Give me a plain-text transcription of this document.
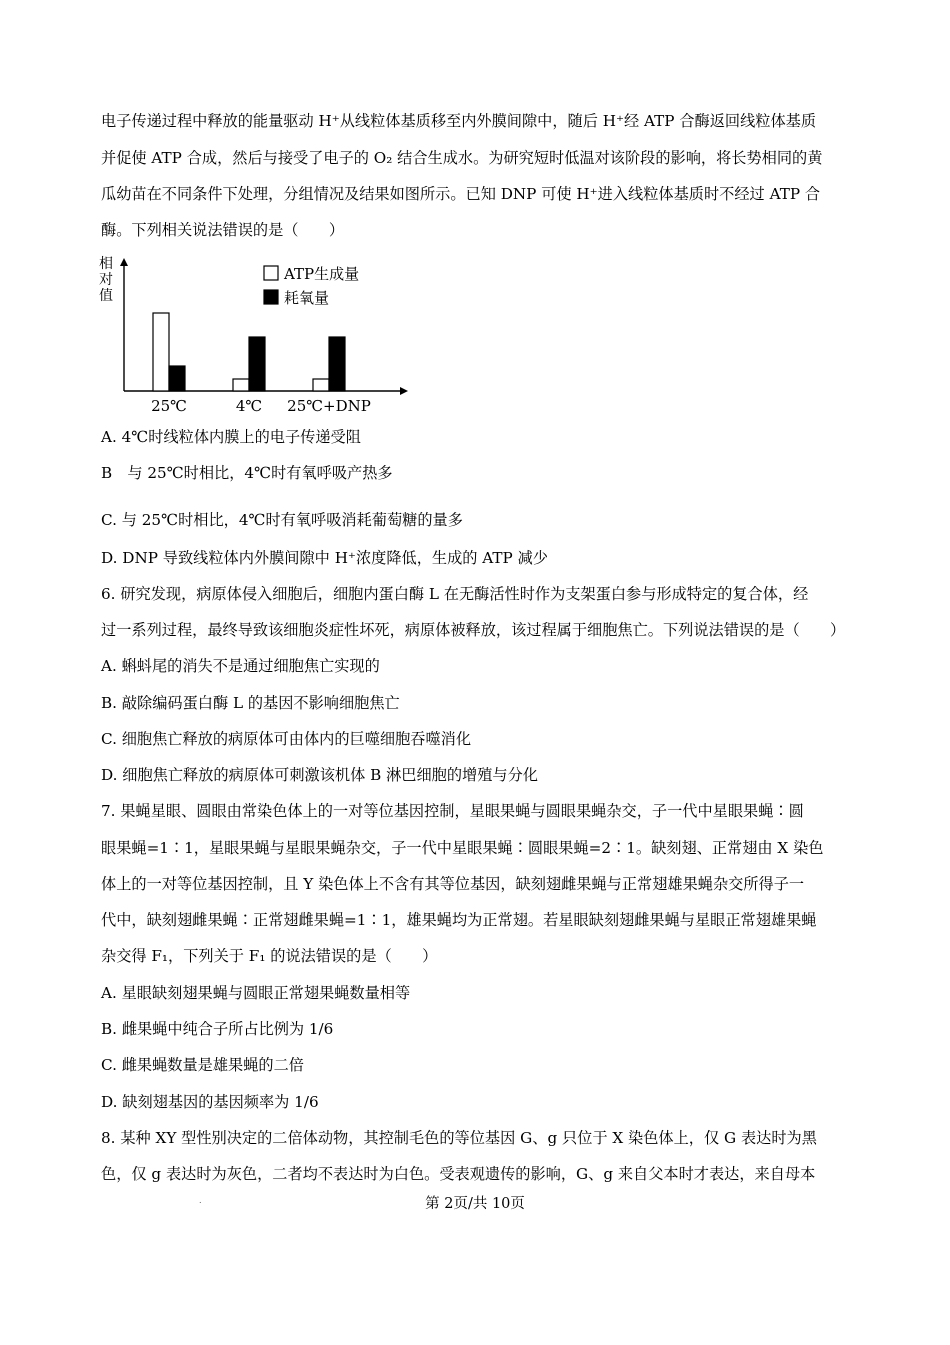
电子传递过程中释放的能量驱动 H⁺从线粒体基质移至内外膜间隙中，随后 H⁺经 ATP 合酶返回线粒体基质
并促使 ATP 合成，然后与接受了电子的 O₂ 结合生成水。为研究短时低温对该阶段的影响，将长势相同的黄
瓜幼苗在不同条件下处理，分组情况及结果如图所示。已知 DNP 可使 H⁺进入线粒体基质时不经过 ATP 合
酶。下列相关说法错误的是（　　）
相
对
值
25℃	4℃ 25℃+DNP
ATP生成量
耗氧量
A. 4℃时线粒体内膜上的电子传递受阻
B　与 25℃时相比，4℃时有氧呼吸产热多
C. 与 25℃时相比，4℃时有氧呼吸消耗葡萄糖的量多
D. DNP 导致线粒体内外膜间隙中 H⁺浓度降低，生成的 ATP 减少
6. 研究发现，病原体侵入细胞后，细胞内蛋白酶 L 在无酶活性时作为支架蛋白参与形成特定的复合体，经
过一系列过程，最终导致该细胞炎症性坏死，病原体被释放，该过程属于细胞焦亡。下列说法错误的是（　　）
A. 蝌蚪尾的消失不是通过细胞焦亡实现的
B. 敲除编码蛋白酶 L 的基因不影响细胞焦亡
C. 细胞焦亡释放的病原体可由体内的巨噬细胞吞噬消化
D. 细胞焦亡释放的病原体可刺激该机体 B 淋巴细胞的增殖与分化
7. 果蝇星眼、圆眼由常染色体上的一对等位基因控制，星眼果蝇与圆眼果蝇杂交，子一代中星眼果蝇∶圆
眼果蝇=1∶1，星眼果蝇与星眼果蝇杂交，子一代中星眼果蝇∶圆眼果蝇=2∶1。缺刻翅、正常翅由 X 染色
体上的一对等位基因控制，且 Y 染色体上不含有其等位基因，缺刻翅雌果蝇与正常翅雄果蝇杂交所得子一
代中，缺刻翅雌果蝇∶正常翅雌果蝇=1∶1，雄果蝇均为正常翅。若星眼缺刻翅雌果蝇与星眼正常翅雄果蝇
杂交得 F₁，下列关于 F₁ 的说法错误的是（　　）
A. 星眼缺刻翅果蝇与圆眼正常翅果蝇数量相等
B. 雌果蝇中纯合子所占比例为 1/6
C. 雌果蝇数量是雄果蝇的二倍
D. 缺刻翅基因的基因频率为 1/6
8. 某种 XY 型性别决定的二倍体动物，其控制毛色的等位基因 G、g 只位于 X 染色体上，仅 G 表达时为黑
色，仅 g 表达时为灰色，二者均不表达时为白色。受表观遗传的影响，G、g 来自父本时才表达，来自母本
.	第 2页/共 10页
